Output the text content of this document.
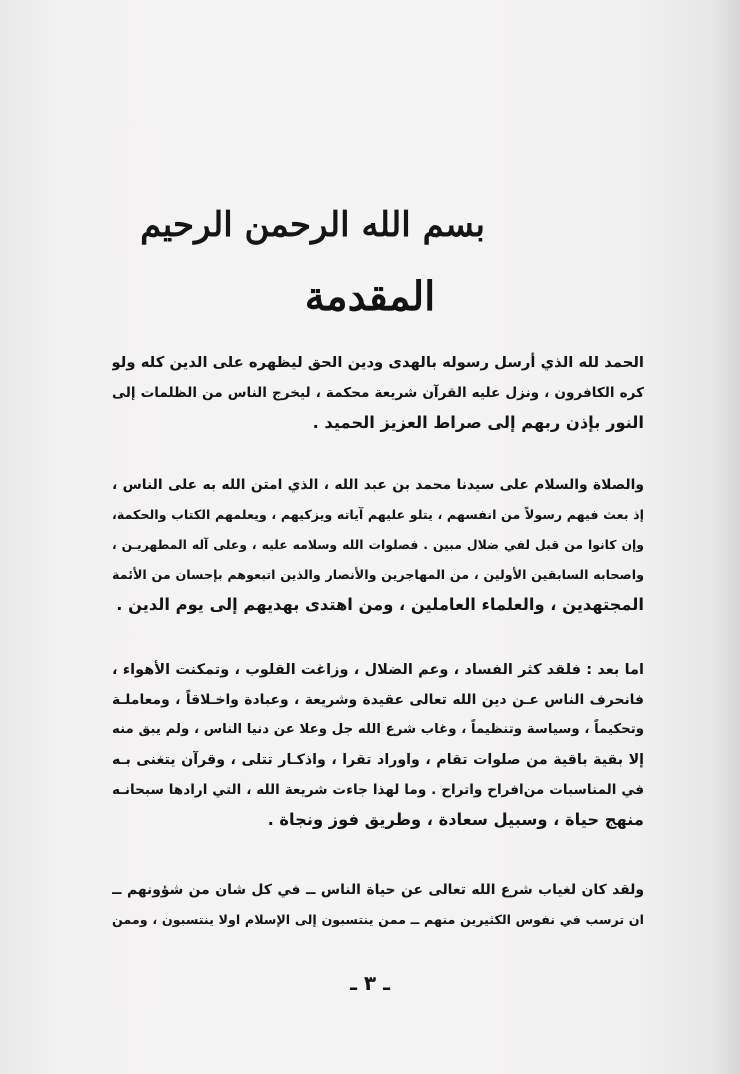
بسم الله الرحمن الرحيم
المقدمة
الحمد لله الذي أرسل رسوله بالهدى ودين الحق ليظهره على الدين كله ولو
كره الكافرون ، ونزل عليه القرآن شريعة محكمة ، ليخرج الناس من الظلمات إلى
النور بإذن ربهم إلى صراط العزيز الحميد .
والصلاة والسلام على سيدنا محمد بن عبد الله ، الذي امتن الله به على الناس ،
إذ بعث فيهم رسولاً من انفسهم ، يتلو عليهم آياته ويزكيهم ، ويعلمهم الكتاب والحكمة،
وإن كانوا من قبل لفي ضلال مبين . فصلوات الله وسلامه عليه ، وعلى آله المطهريـن ،
واصحابه السابقين الأولين ، من المهاجرين والأنصار والذين اتبعوهم بإحسان من الأئمة
المجتهدين ، والعلماء العاملين ، ومن اهتدى بهديهم إلى يوم الدين .
اما بعد : فلقد كثر الفساد ، وعم الضلال ، وزاغت القلوب ، وتمكنت الأهواء ،
فانحرف الناس عـن دين الله تعالى عقيدة وشريعة ، وعبادة واخـلاقاً ، ومعاملـة
وتحكيماً ، وسياسة وتنظيماً ، وغاب شرع الله جل وعلا عن دنيا الناس ، ولم يبق منه
إلا بقية باقية من صلوات تقام ، واوراد تقرا ، واذكـار تتلى ، وقرآن يتغنى بـه
في المناسبات من‌افراح واتراح . وما لهذا جاءت شريعة الله ، التي ارادها سبحانـه
منهج حياة ، وسبيل سعادة ، وطريق فوز ونجاة .
ولقد كان لغياب شرع الله تعالى عن حياة الناس ــ في كل شان من شؤونهم ــ
ان ترسب في نفوس الكثيرين منهم ــ ممن ينتسبون إلى الإسلام اولا ينتسبون ، وممن
ـ ٣ ـ
